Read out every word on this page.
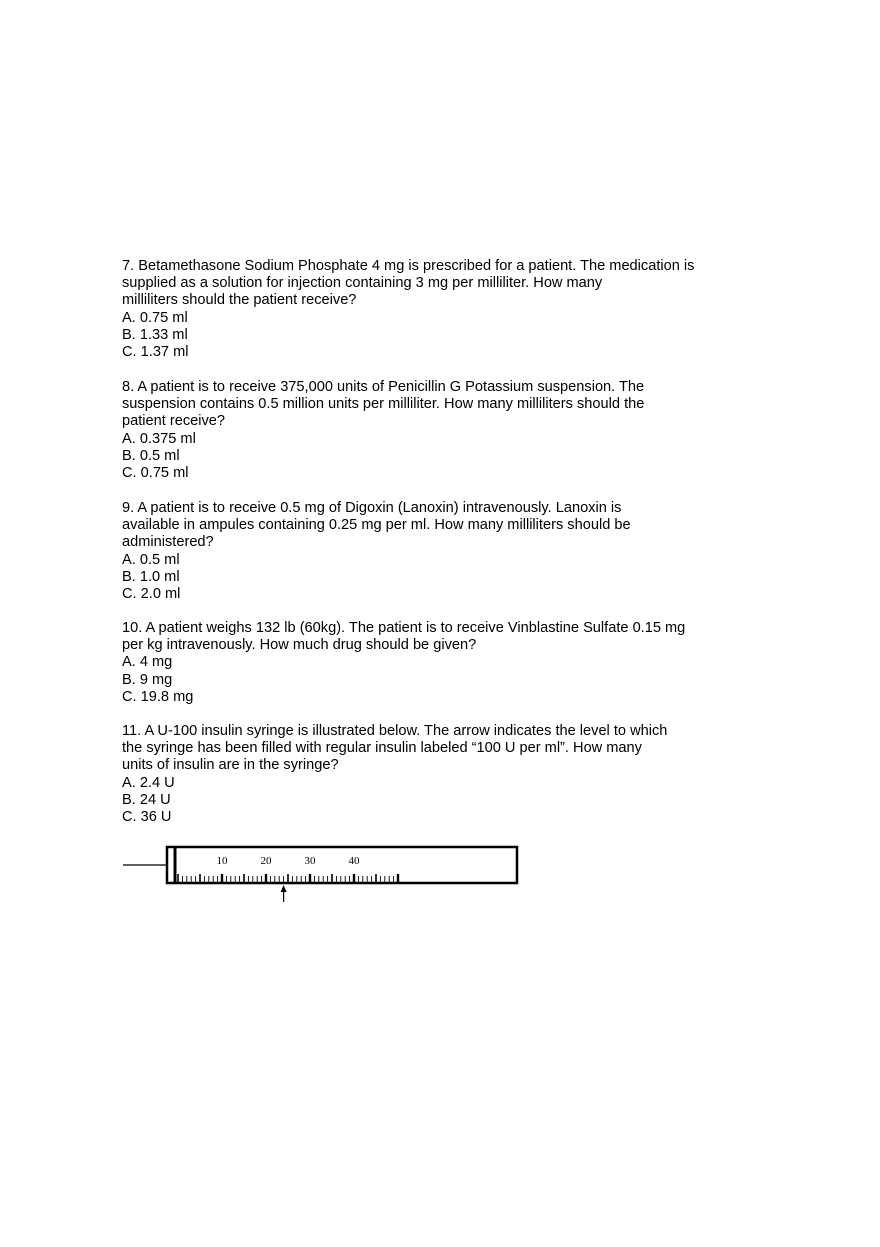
7. Betamethasone Sodium Phosphate 4 mg is prescribed for a patient. The medication is
supplied as a solution for injection containing 3 mg per milliliter. How many
milliliters should the patient receive?
A. 0.75 ml
B. 1.33 ml
C. 1.37 ml
8. A patient is to receive 375,000 units of Penicillin G Potassium suspension. The
suspension contains 0.5 million units per milliliter. How many milliliters should the
patient receive?
A. 0.375 ml
B. 0.5 ml
C. 0.75 ml
9. A patient is to receive 0.5 mg of Digoxin (Lanoxin) intravenously. Lanoxin is
available in ampules containing 0.25 mg per ml. How many milliliters should be
administered?
A. 0.5 ml
B. 1.0 ml
C. 2.0 ml
10. A patient weighs 132 lb (60kg). The patient is to receive Vinblastine Sulfate 0.15 mg
per kg intravenously. How much drug should be given?
A. 4 mg
B. 9 mg
C. 19.8 mg
11. A U-100 insulin syringe is illustrated below. The arrow indicates the level to which
the syringe has been filled with regular insulin labeled “100 U per ml”. How many
units of insulin are in the syringe?
A. 2.4 U
B. 24 U
C. 36 U
10	20	30	40
